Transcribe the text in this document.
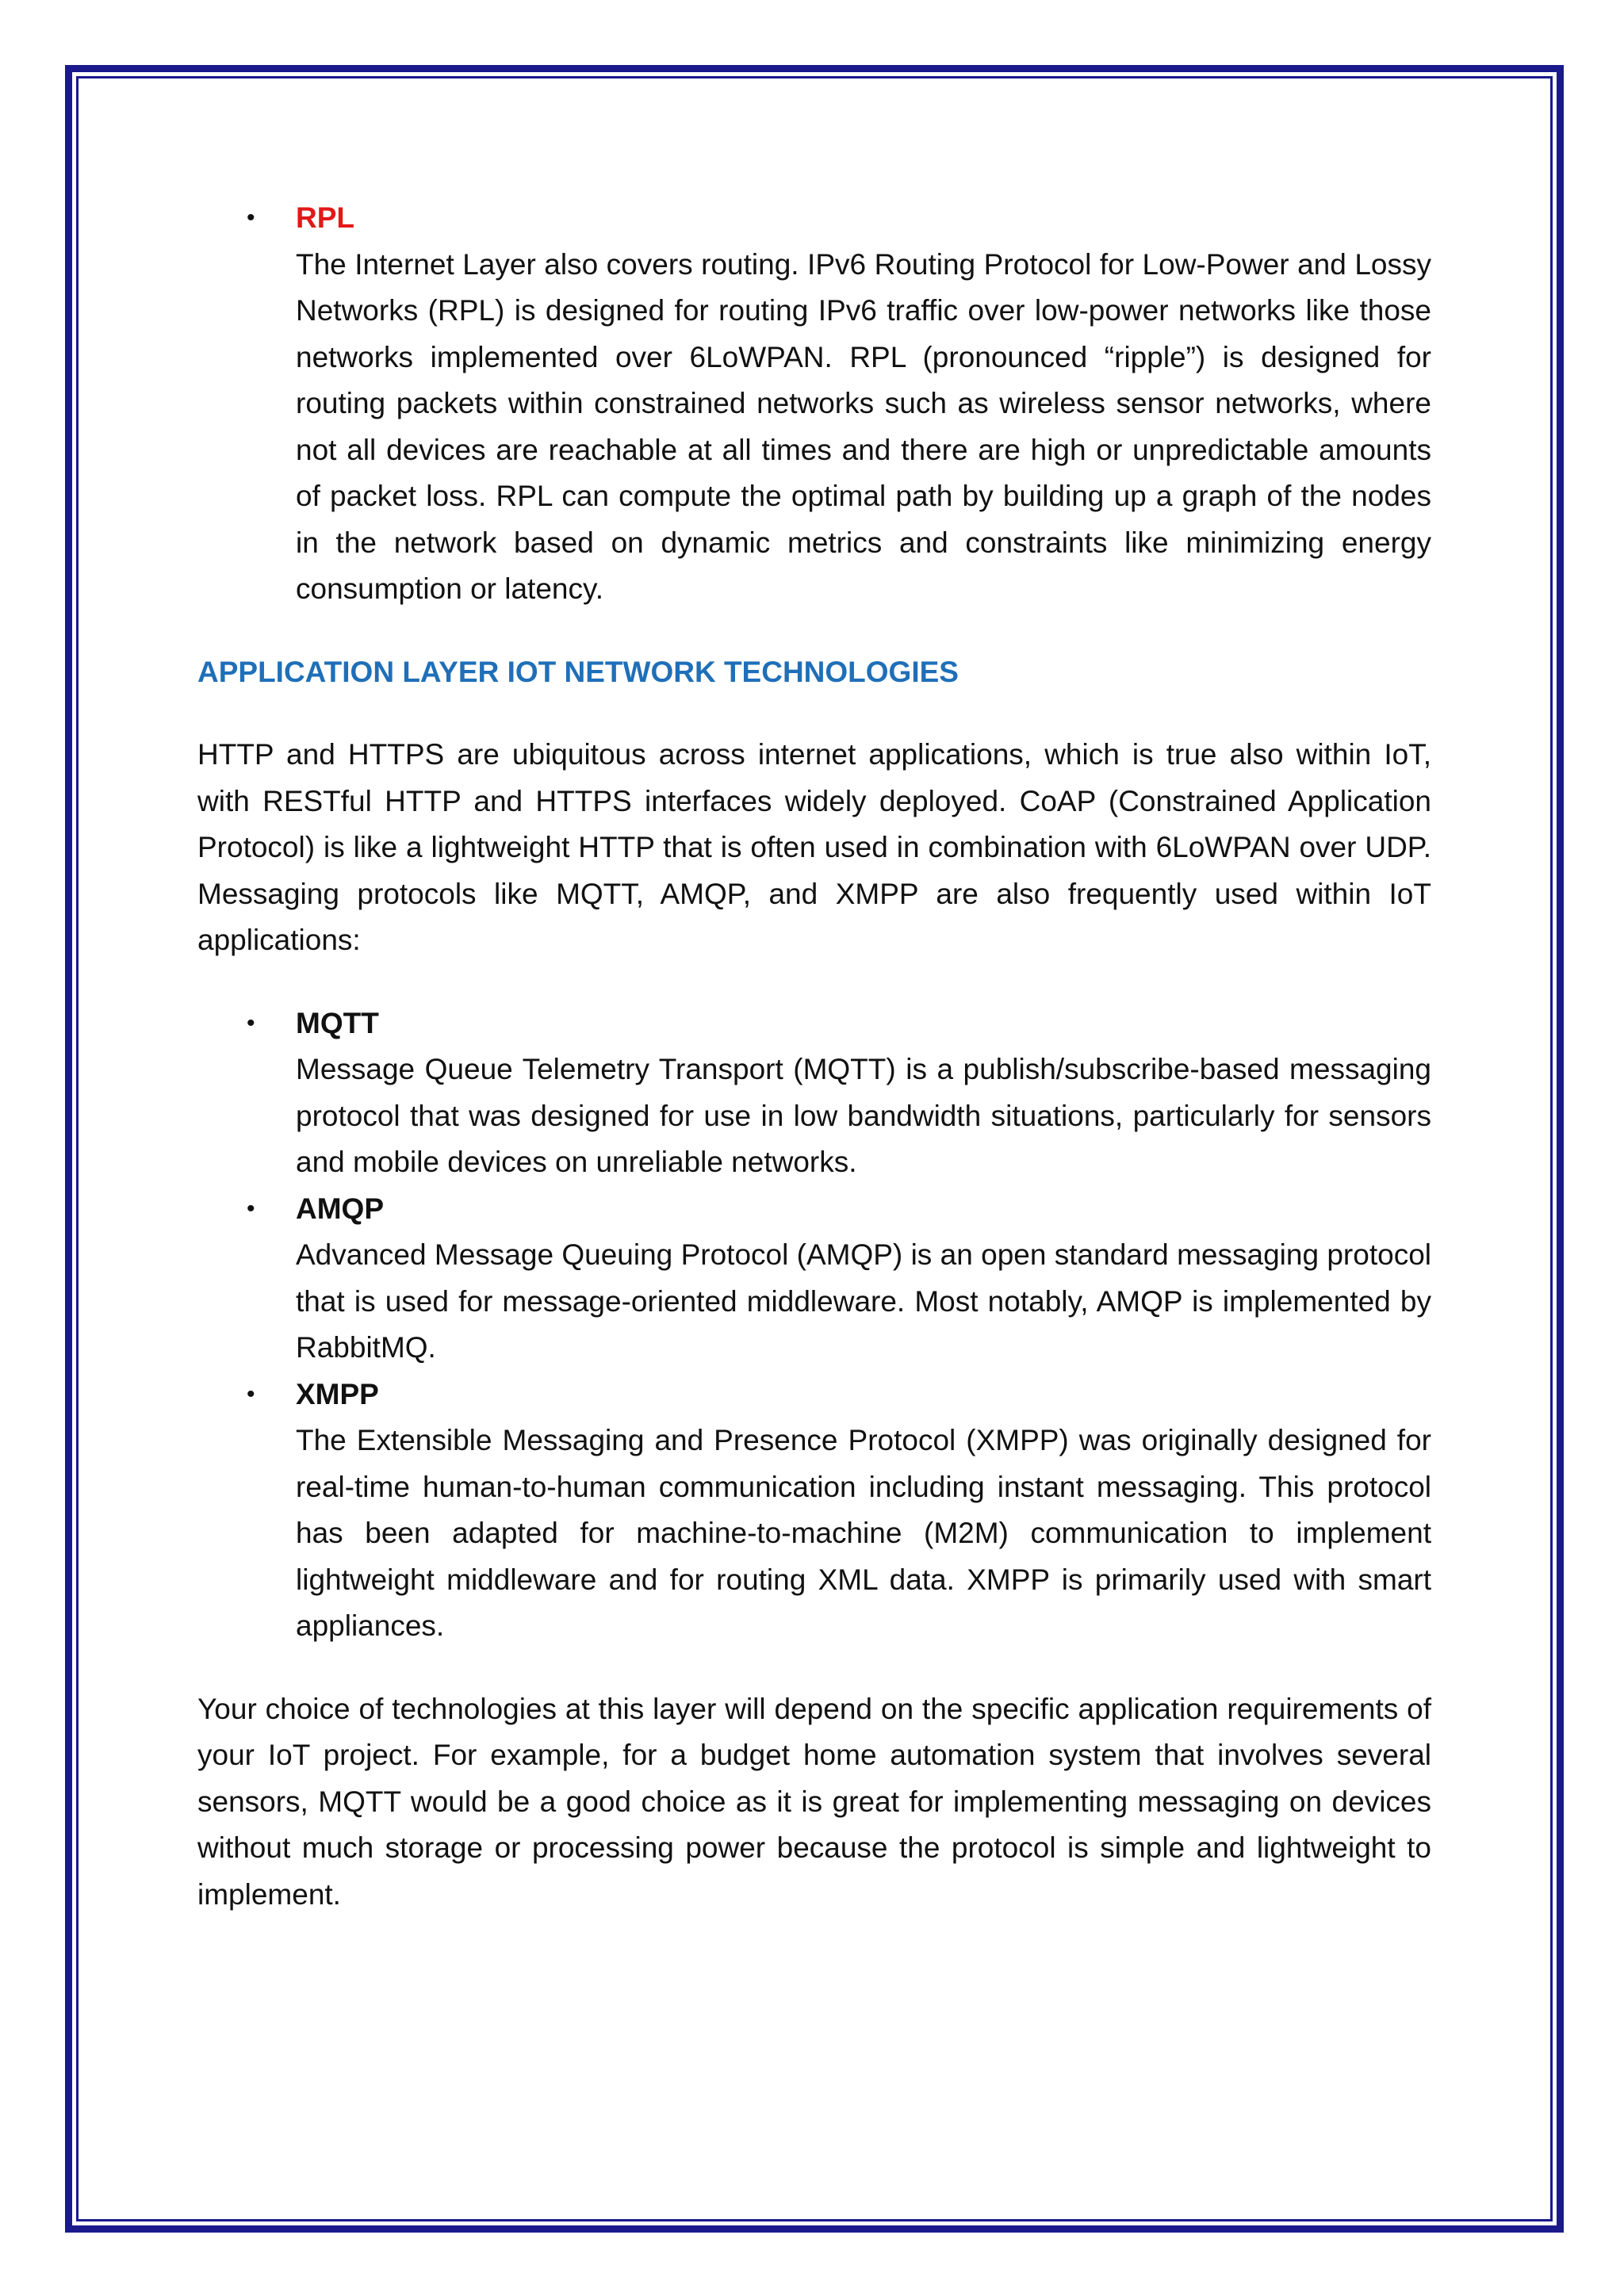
• RPL
The Internet Layer also covers routing. IPv6 Routing Protocol for Low-Power and Lossy Networks (RPL) is designed for routing IPv6 traffic over low-power networks like those networks implemented over 6LoWPAN. RPL (pronounced “ripple”) is designed for routing packets within constrained networks such as wireless sensor networks, where not all devices are reachable at all times and there are high or unpredictable amounts of packet loss. RPL can compute the optimal path by building up a graph of the nodes in the network based on dynamic metrics and constraints like minimizing energy consumption or latency.
APPLICATION LAYER IOT NETWORK TECHNOLOGIES

HTTP and HTTPS are ubiquitous across internet applications, which is true also within IoT, with RESTful HTTP and HTTPS interfaces widely deployed. CoAP (Constrained Application Protocol) is like a lightweight HTTP that is often used in combination with 6LoWPAN over UDP. Messaging protocols like MQTT, AMQP, and XMPP are also frequently used within IoT applications:

• MQTT
Message Queue Telemetry Transport (MQTT) is a publish/subscribe-based messaging protocol that was designed for use in low bandwidth situations, particularly for sensors and mobile devices on unreliable networks.
• AMQP
Advanced Message Queuing Protocol (AMQP) is an open standard messaging protocol that is used for message-oriented middleware. Most notably, AMQP is implemented by RabbitMQ.
• XMPP
The Extensible Messaging and Presence Protocol (XMPP) was originally designed for real-time human-to-human communication including instant messaging. This protocol has been adapted for machine-to-machine (M2M) communication to implement lightweight middleware and for routing XML data. XMPP is primarily used with smart appliances.

Your choice of technologies at this layer will depend on the specific application requirements of your IoT project. For example, for a budget home automation system that involves several sensors, MQTT would be a good choice as it is great for implementing messaging on devices without much storage or processing power because the protocol is simple and lightweight to implement.
